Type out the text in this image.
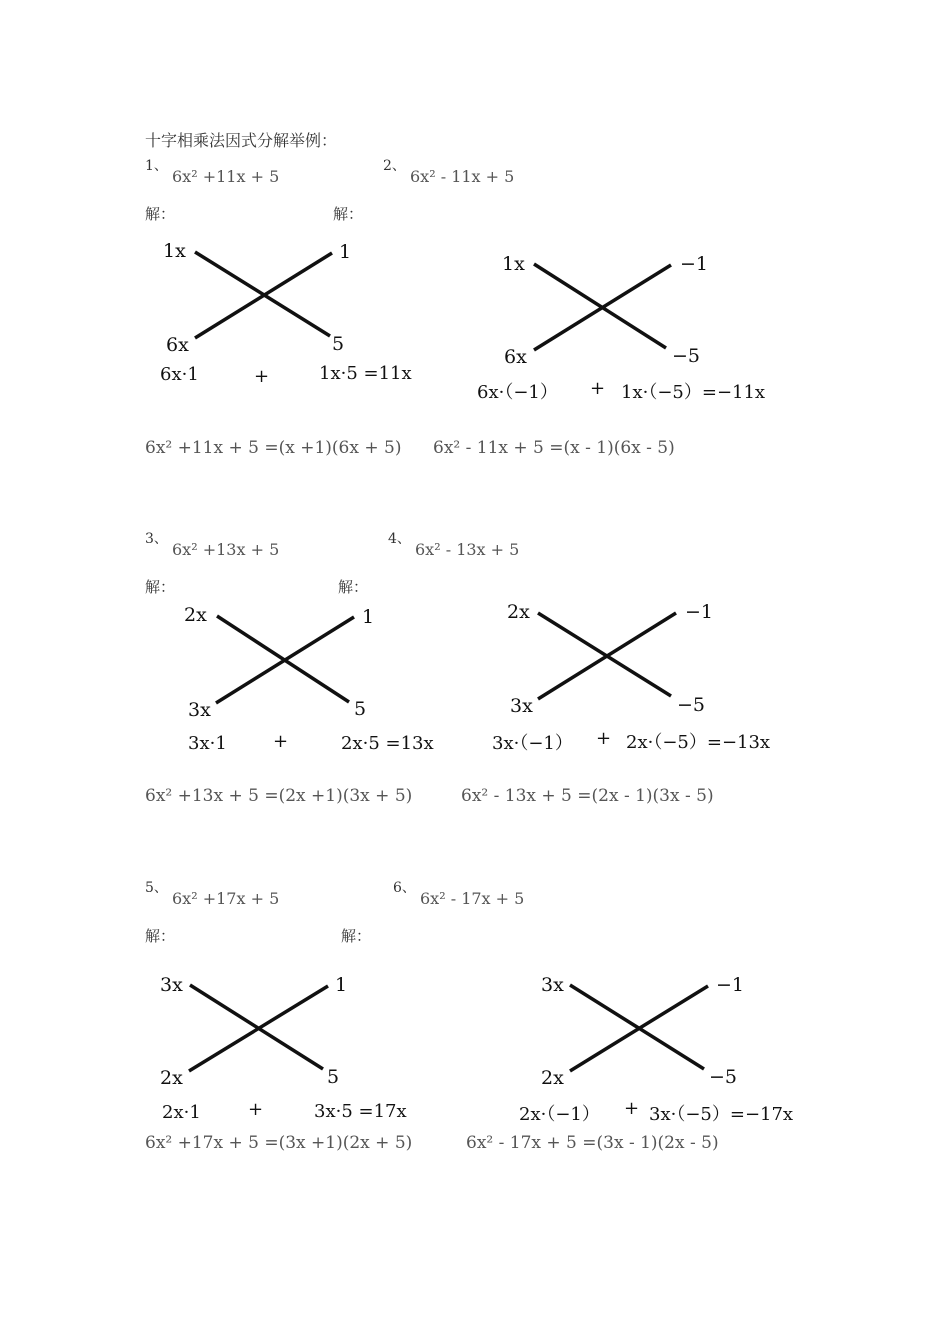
十字相乘法因式分解举例：
1、
6x² +11x + 5
解：
1x	1
6x	5
6x·1	+	1x·5 =11x
6x² +11x + 5 =(x +1)(6x + 5)
2、
6x² - 11x + 5
解：
1x	−1
6x	−5
6x·（−1） + 1x·（−5）=−11x
6x² - 11x + 5 =(x - 1)(6x - 5)
3、
6x² +13x + 5
解：
2x	1
3x	5
3x·1	+	2x·5 =13x
6x² +13x + 5 =(2x +1)(3x + 5)
4、
6x² - 13x + 5
解：
2x	−1
3x	−5
3x·（−1） + 2x·（−5）=−13x
6x² - 13x + 5 =(2x - 1)(3x - 5)
5、
6x² +17x + 5
解：
3x	1
2x	5
2x·1	+	3x·5 =17x
6x² +17x + 5 =(3x +1)(2x + 5)
6、
6x² - 17x + 5
解：
3x	−1
2x	−5
2x·（−1） + 3x·（−5）=−17x
6x² - 17x + 5 =(3x - 1)(2x - 5)
